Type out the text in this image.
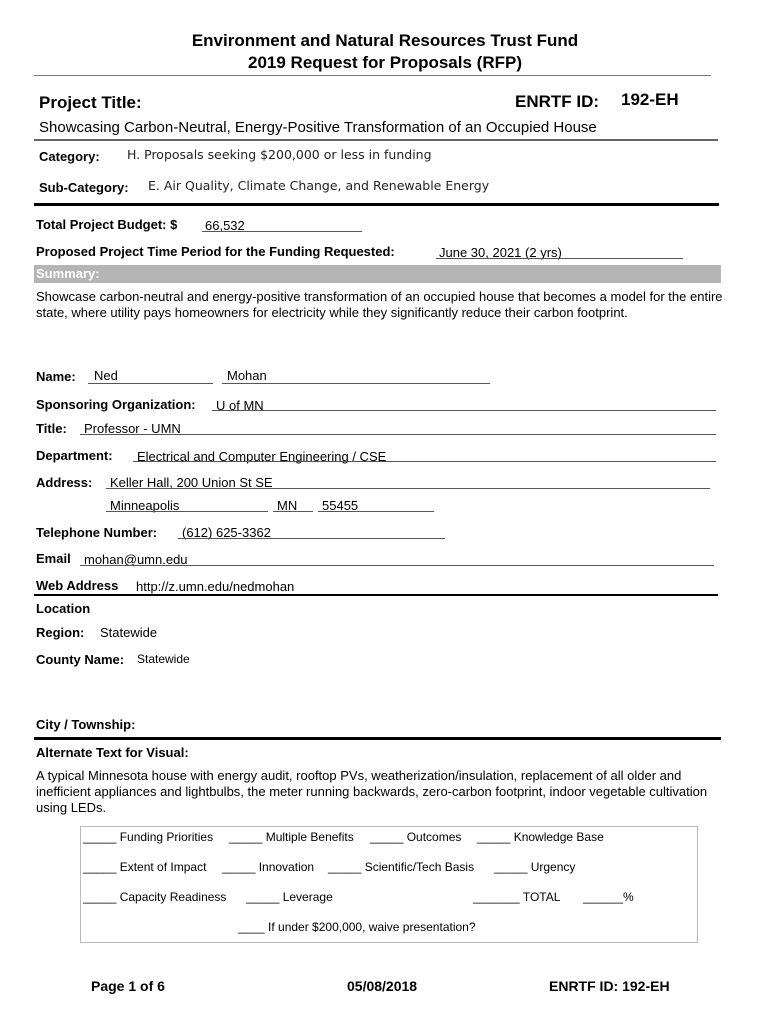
Environment and Natural Resources Trust Fund
2019 Request for Proposals (RFP)
Project Title:	ENRTF ID: 192-EH
Showcasing Carbon-Neutral, Energy-Positive Transformation of an Occupied House
Category: H. Proposals seeking $200,000 or less in funding
Sub-Category: E. Air Quality, Climate Change, and Renewable Energy
Total Project Budget: $ 66,532
Proposed Project Time Period for the Funding Requested:	June 30, 2021 (2 yrs)
Summary:
Showcase carbon-neutral and energy-positive transformation of an occupied house that becomes a model for the entire state, where utility pays homeowners for electricity while they significantly reduce their carbon footprint.
Name: Ned	Mohan
Sponsoring Organization: U of MN
Title: Professor - UMN
Department: Electrical and Computer Engineering / CSE
Address: Keller Hall, 200 Union St SE
Minneapolis	MN 55455
Telephone Number: (612) 625-3362
Email mohan@umn.edu
Web Address http://z.umn.edu/nedmohan
Location
Region: Statewide
County Name: Statewide
City / Township:
Alternate Text for Visual:
A typical Minnesota house with energy audit, rooftop PVs, weatherization/insulation, replacement of all older and inefficient appliances and lightbulbs, the meter running backwards, zero-carbon footprint, indoor vegetable cultivation using LEDs.
_____ Funding Priorities _____ Multiple Benefits _____ Outcomes _____ Knowledge Base
_____ Extent of Impact _____ Innovation _____ Scientific/Tech Basis _____ Urgency
_____ Capacity Readiness _____ Leverage	_______ TOTAL ______%
____ If under $200,000, waive presentation?
Page 1 of 6	05/08/2018	ENRTF ID: 192-EH
